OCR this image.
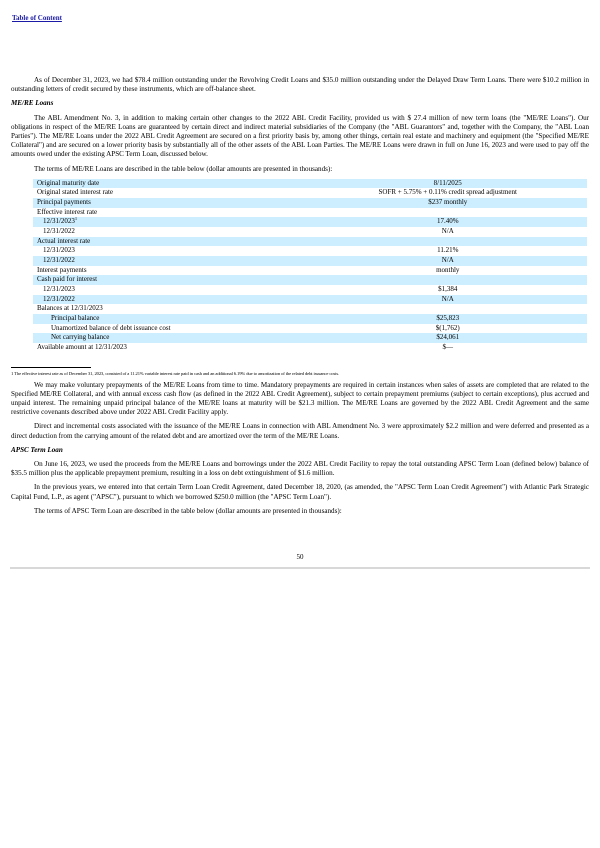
Table of Content

As of December 31, 2023, we had $78.4 million outstanding under the Revolving Credit Loans and $35.0 million outstanding under the Delayed Draw Term Loans. There were $10.2 million in outstanding letters of credit secured by these instruments, which are off-balance sheet.

ME/RE Loans

The ABL Amendment No. 3, in addition to making certain other changes to the 2022 ABL Credit Facility, provided us with $ 27.4 million of new term loans (the "ME/RE Loans"). Our obligations in respect of the ME/RE Loans are guaranteed by certain direct and indirect material subsidiaries of the Company (the "ABL Guarantors" and, together with the Company, the "ABL Loan Parties"). The ME/RE Loans under the 2022 ABL Credit Agreement are secured on a first priority basis by, among other things, certain real estate and machinery and equipment (the "Specified ME/RE Collateral") and are secured on a lower priority basis by substantially all of the other assets of the ABL Loan Parties. The ME/RE Loans were drawn in full on June 16, 2023 and were used to pay off the amounts owed under the existing APSC Term Loan, discussed below.

The terms of ME/RE Loans are described in the table below (dollar amounts are presented in thousands):

Original maturity date	8/11/2025	
Original stated interest rate	SOFR + 5.75% + 0.11% credit spread adjustment	
Principal payments	$237 monthly	
Effective interest rate		
12/31/2023$^1$	17.40%	
12/31/2022	N/A	
Actual interest rate		
12/31/2023	11.21%	
12/31/2022	N/A	
Interest payments	monthly	
Cash paid for interest		
12/31/2023	$1,384	
12/31/2022	N/A	
Balances at 12/31/2023		
Principal balance	$25,823	
Unamortized balance of debt issuance cost	$(1,762)	
Net carrying balance	$24,061	
Available amount at 12/31/2023	$—	
1 The effective interest rate as of December 31, 2023, consisted of a 11.21% variable interest rate paid in cash and an additional 6.19% due to amortization of the related debt issuance costs.

We may make voluntary prepayments of the ME/RE Loans from time to time. Mandatory prepayments are required in certain instances when sales of assets are completed that are related to the Specified ME/RE Collateral, and with annual excess cash flow (as defined in the 2022 ABL Credit Agreement), subject to certain prepayment premiums (subject to certain exceptions), plus accrued and unpaid interest. The remaining unpaid principal balance of the ME/RE loans at maturity will be $21.3 million. The ME/RE Loans are governed by the 2022 ABL Credit Agreement and the same restrictive covenants described above under 2022 ABL Credit Facility apply.

Direct and incremental costs associated with the issuance of the ME/RE Loans in connection with ABL Amendment No. 3 were approximately $2.2 million and were deferred and presented as a direct deduction from the carrying amount of the related debt and are amortized over the term of the ME/RE Loans.

APSC Term Loan

On June 16, 2023, we used the proceeds from the ME/RE Loans and borrowings under the 2022 ABL Credit Facility to repay the total outstanding APSC Term Loan (defined below) balance of $35.5 million plus the applicable prepayment premium, resulting in a loss on debt extinguishment of $1.6 million.

In the previous years, we entered into that certain Term Loan Credit Agreement, dated December 18, 2020, (as amended, the "APSC Term Loan Credit Agreement") with Atlantic Park Strategic Capital Fund, L.P., as agent ("APSC"), pursuant to which we borrowed $250.0 million (the "APSC Term Loan").

The terms of APSC Term Loan are described in the table below (dollar amounts are presented in thousands):

50
